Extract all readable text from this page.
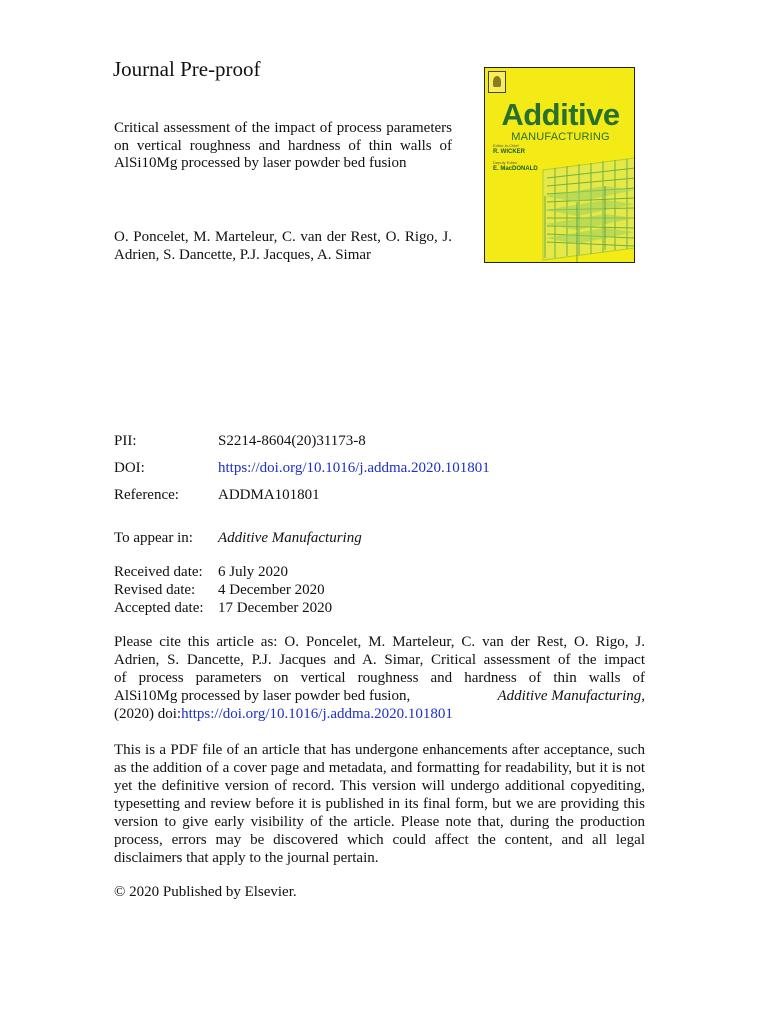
Journal Pre-proof
Critical assessment of the impact of process parameters on vertical roughness and hardness of thin walls of AlSi10Mg processed by laser powder bed fusion
O. Poncelet, M. Marteleur, C. van der Rest, O. Rigo, J. Adrien, S. Dancette, P.J. Jacques, A. Simar
Additive
MANUFACTURING
Editor-in-Chief
R. WICKER
Deputy Editor
E. MacDONALD
PII:	S2214-8604(20)31173-8
DOI:	https://doi.org/10.1016/j.addma.2020.101801
Reference:	ADDMA101801
To appear in: Additive Manufacturing
Received date: 6 July 2020
Revised date: 4 December 2020
Accepted date: 17 December 2020
Please cite this article as: O. Poncelet, M. Marteleur, C. van der Rest, O. Rigo, J.
Adrien, S. Dancette, P.J. Jacques and A. Simar, Critical assessment of the impact
of process parameters on vertical roughness and hardness of thin walls of
AlSi10Mg processed by laser powder bed fusion,	Additive Manufacturing,
(2020) doi:https://doi.org/10.1016/j.addma.2020.101801
This is a PDF file of an article that has undergone enhancements after acceptance, such as the addition of a cover page and metadata, and formatting for readability, but it is not yet the definitive version of record. This version will undergo additional copyediting, typesetting and review before it is published in its final form, but we are providing this version to give early visibility of the article. Please note that, during the production process, errors may be discovered which could affect the content, and all legal disclaimers that apply to the journal pertain.
© 2020 Published by Elsevier.
